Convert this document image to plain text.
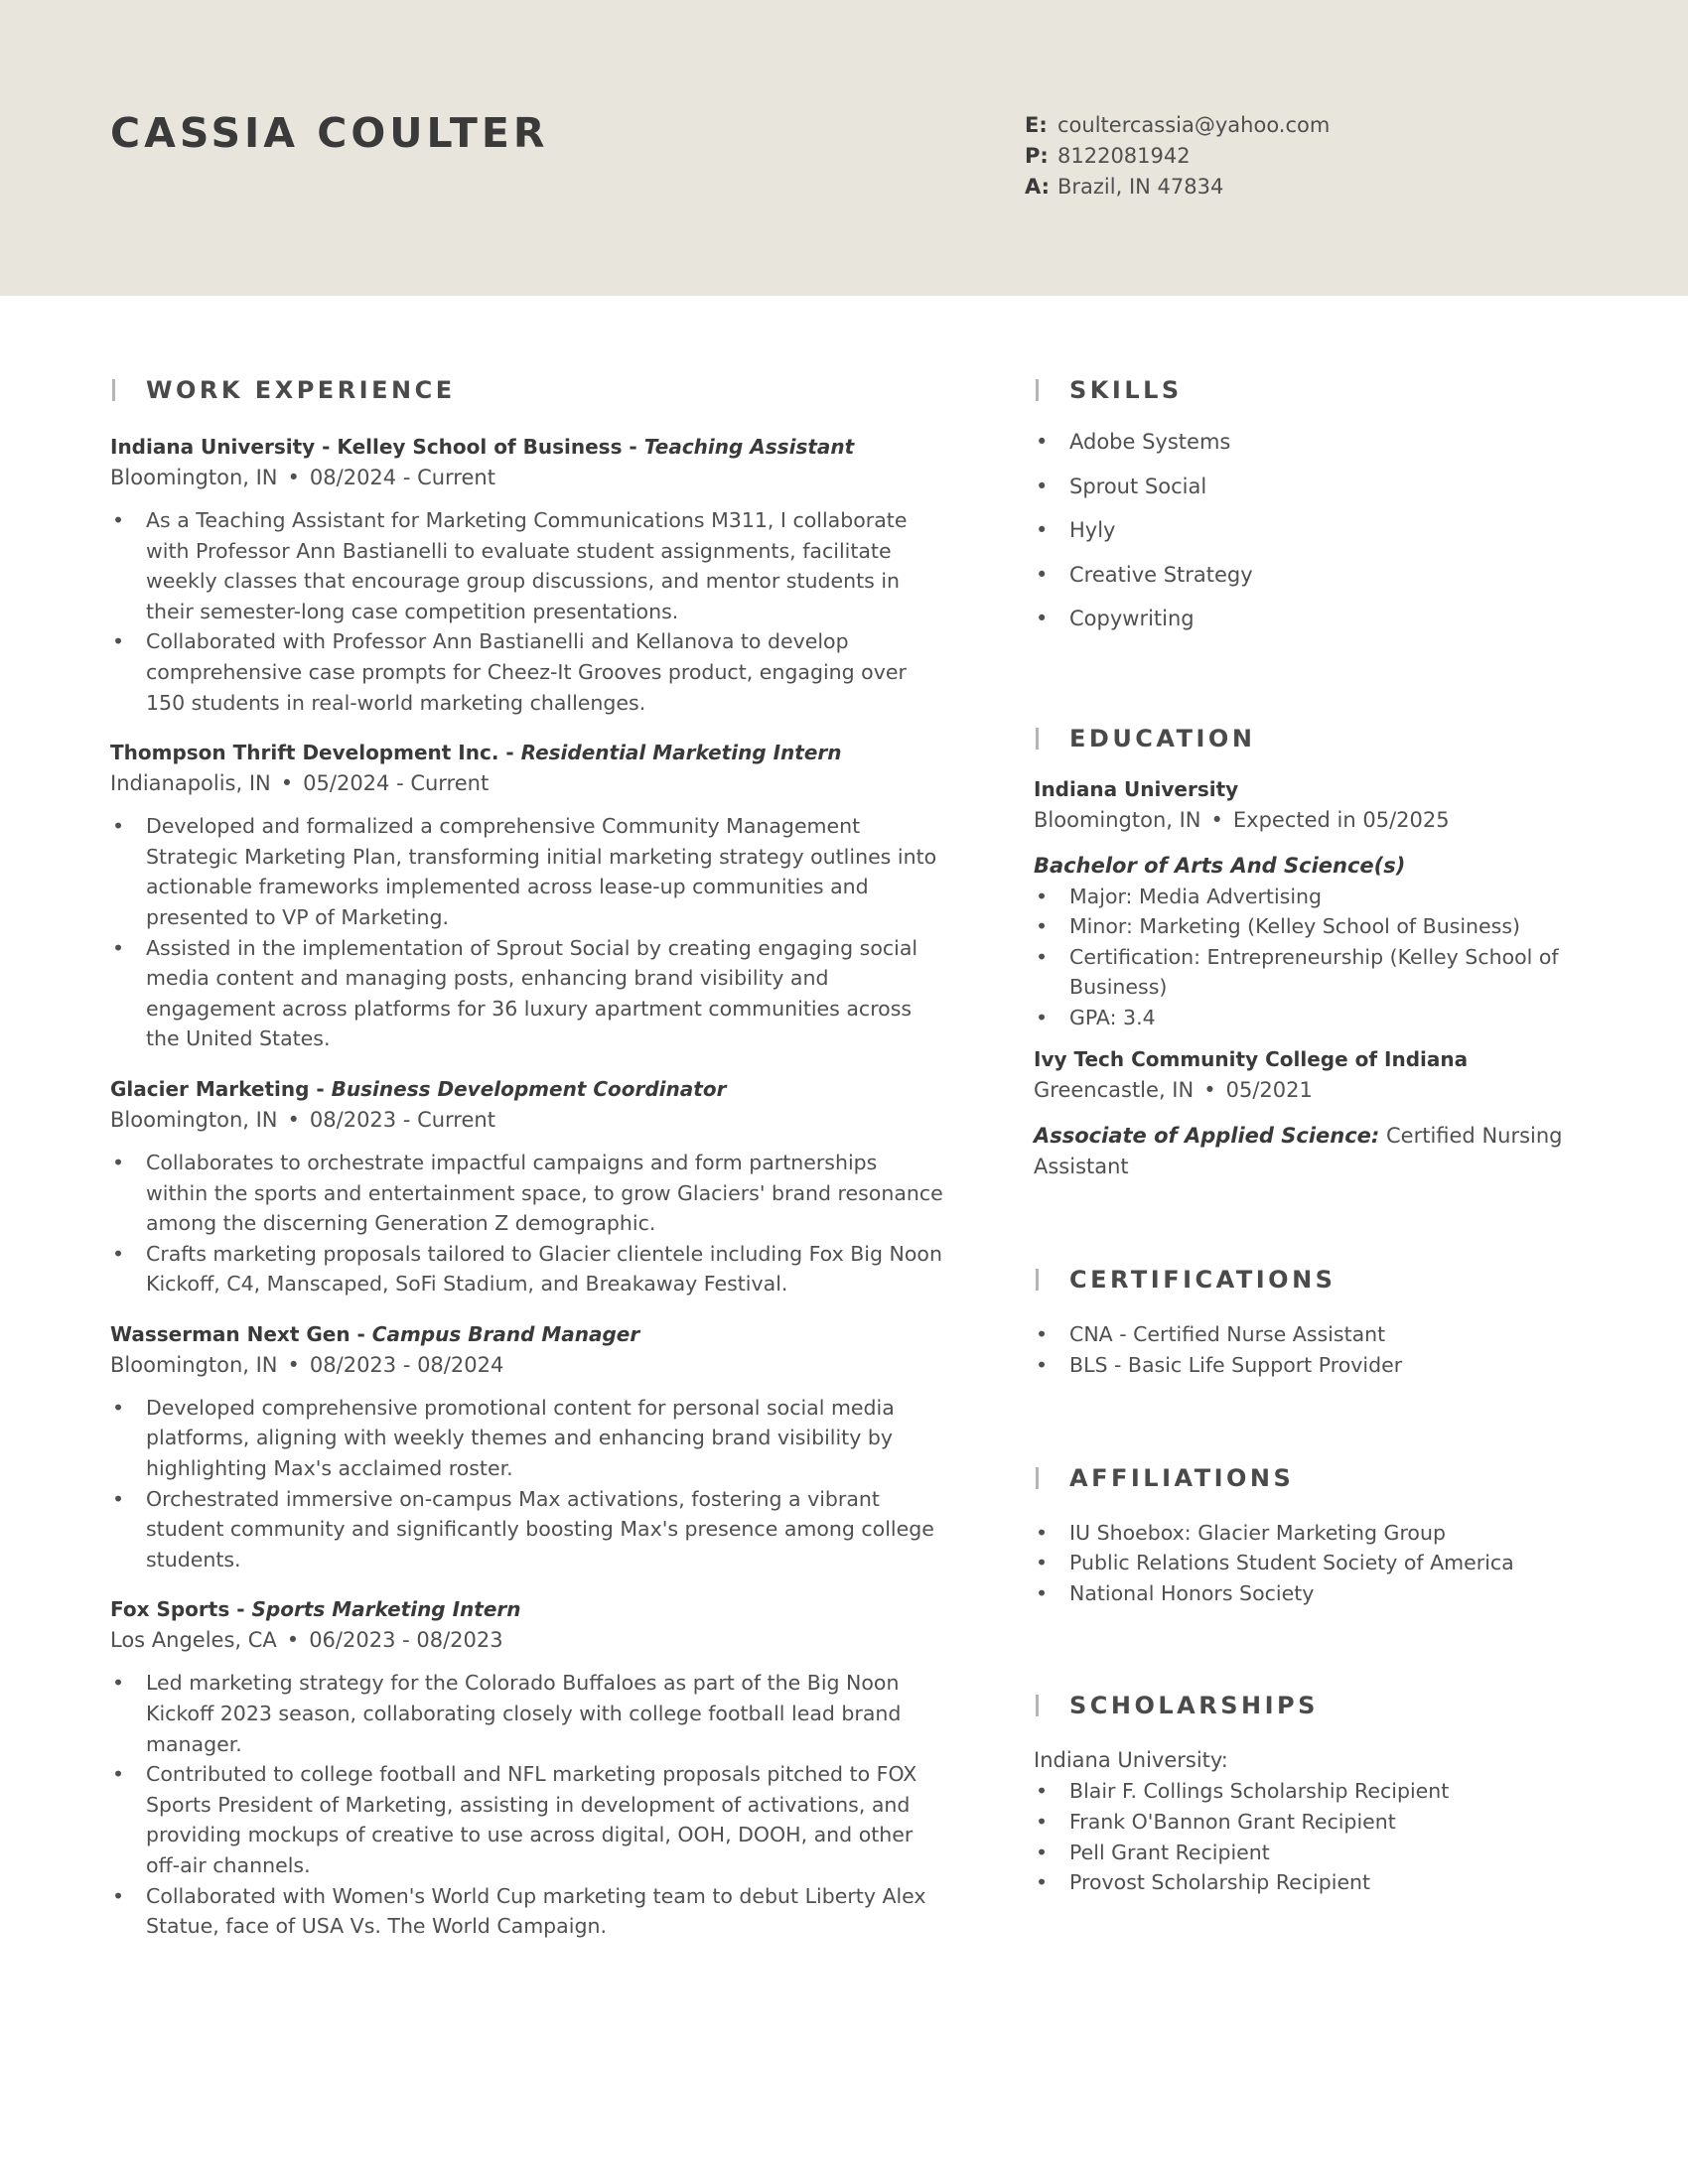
CASSIA COULTER	E: coultercassia@yahoo.com
P: 8122081942
A: Brazil, IN 47834
WORK EXPERIENCE
Indiana University - Kelley School of Business - Teaching Assistant
Bloomington, IN • 08/2024 - Current
• As a Teaching Assistant for Marketing Communications M311, I collaborate with Professor Ann Bastianelli to evaluate student assignments, facilitate weekly classes that encourage group discussions, and mentor students in their semester-long case competition presentations.
• Collaborated with Professor Ann Bastianelli and Kellanova to develop comprehensive case prompts for Cheez-It Grooves product, engaging over 150 students in real-world marketing challenges.
Thompson Thrift Development Inc. - Residential Marketing Intern
Indianapolis, IN • 05/2024 - Current
• Developed and formalized a comprehensive Community Management Strategic Marketing Plan, transforming initial marketing strategy outlines into actionable frameworks implemented across lease-up communities and presented to VP of Marketing.
• Assisted in the implementation of Sprout Social by creating engaging social media content and managing posts, enhancing brand visibility and engagement across platforms for 36 luxury apartment communities across the United States.
Glacier Marketing - Business Development Coordinator
Bloomington, IN • 08/2023 - Current
• Collaborates to orchestrate impactful campaigns and form partnerships within the sports and entertainment space, to grow Glaciers' brand resonance among the discerning Generation Z demographic.
• Crafts marketing proposals tailored to Glacier clientele including Fox Big Noon Kickoff, C4, Manscaped, SoFi Stadium, and Breakaway Festival.
Wasserman Next Gen - Campus Brand Manager
Bloomington, IN • 08/2023 - 08/2024
• Developed comprehensive promotional content for personal social media platforms, aligning with weekly themes and enhancing brand visibility by highlighting Max's acclaimed roster.
• Orchestrated immersive on-campus Max activations, fostering a vibrant student community and significantly boosting Max's presence among college students.
Fox Sports - Sports Marketing Intern
Los Angeles, CA • 06/2023 - 08/2023
• Led marketing strategy for the Colorado Buffaloes as part of the Big Noon Kickoff 2023 season, collaborating closely with college football lead brand manager.
• Contributed to college football and NFL marketing proposals pitched to FOX Sports President of Marketing, assisting in development of activations, and providing mockups of creative to use across digital, OOH, DOOH, and other off-air channels.
• Collaborated with Women's World Cup marketing team to debut Liberty Alex Statue, face of USA Vs. The World Campaign.
SKILLS
• Adobe Systems
• Sprout Social
• Hyly
• Creative Strategy
• Copywriting
EDUCATION
Indiana University
Bloomington, IN • Expected in 05/2025
Bachelor of Arts And Science(s)
• Major: Media Advertising
• Minor: Marketing (Kelley School of Business)
• Certification: Entrepreneurship (Kelley School of Business)
• GPA: 3.4
Ivy Tech Community College of Indiana
Greencastle, IN • 05/2021
Associate of Applied Science: Certified Nursing Assistant
CERTIFICATIONS
• CNA - Certified Nurse Assistant
• BLS - Basic Life Support Provider
AFFILIATIONS
• IU Shoebox: Glacier Marketing Group
• Public Relations Student Society of America
• National Honors Society
SCHOLARSHIPS
Indiana University:
• Blair F. Collings Scholarship Recipient
• Frank O'Bannon Grant Recipient
• Pell Grant Recipient
• Provost Scholarship Recipient
